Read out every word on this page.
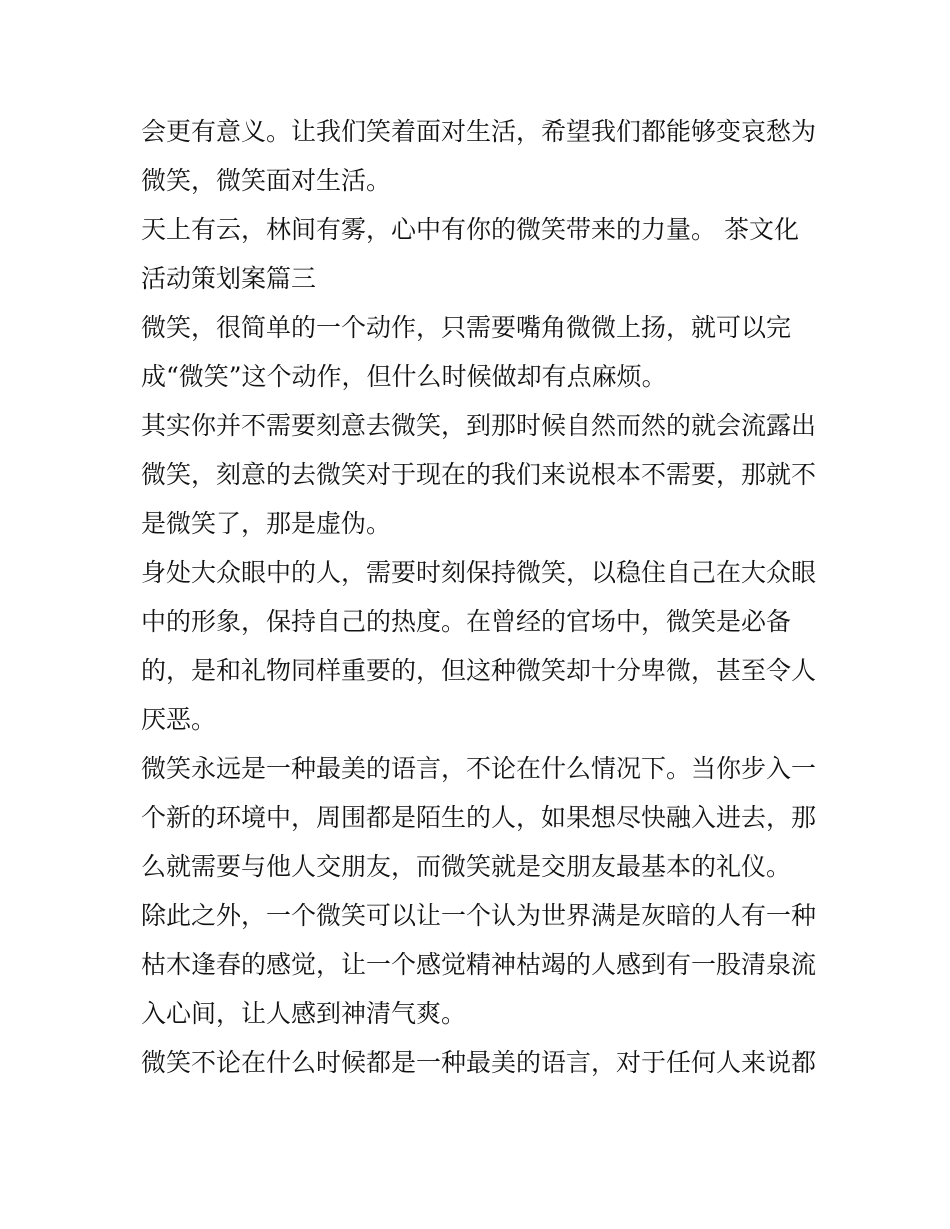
会更有意义。让我们笑着面对生活，希望我们都能够变哀愁为
微笑，微笑面对生活。
天上有云，林间有雾，心中有你的微笑带来的力量。 茶文化
活动策划案篇三
微笑，很简单的一个动作，只需要嘴角微微上扬，就可以完
成“微笑”这个动作，但什么时候做却有点麻烦。
其实你并不需要刻意去微笑，到那时候自然而然的就会流露出
微笑，刻意的去微笑对于现在的我们来说根本不需要，那就不
是微笑了，那是虚伪。
身处大众眼中的人，需要时刻保持微笑，以稳住自己在大众眼
中的形象，保持自己的热度。在曾经的官场中，微笑是必备
的，是和礼物同样重要的，但这种微笑却十分卑微，甚至令人
厌恶。
微笑永远是一种最美的语言，不论在什么情况下。当你步入一
个新的环境中，周围都是陌生的人，如果想尽快融入进去，那
么就需要与他人交朋友，而微笑就是交朋友最基本的礼仪。
除此之外，一个微笑可以让一个认为世界满是灰暗的人有一种
枯木逢春的感觉，让一个感觉精神枯竭的人感到有一股清泉流
入心间，让人感到神清气爽。
微笑不论在什么时候都是一种最美的语言，对于任何人来说都
